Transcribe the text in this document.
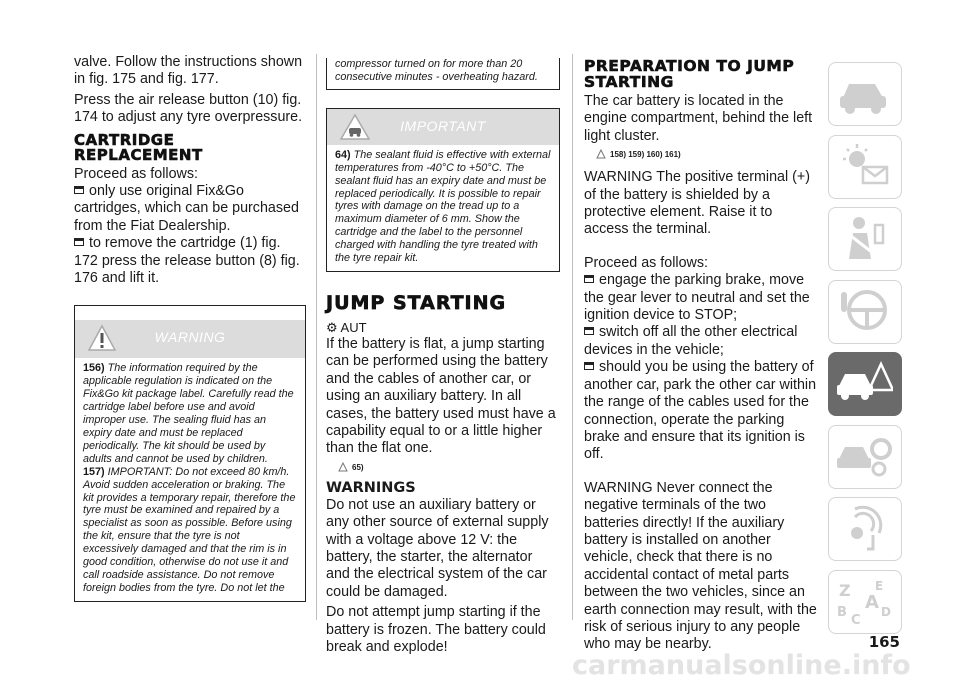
valve. Follow the instructions shown in fig. 175 and fig. 177.

Press the air release button (10) fig. 174 to adjust any tyre overpressure.

CARTRIDGE REPLACEMENT

Proceed as follows:

only use original Fix&Go cartridges, which can be purchased from the Fiat Dealership.

to remove the cartridge (1) fig. 172 press the release button (8) fig. 176 and lift it.

WARNING

156) The information required by the applicable regulation is indicated on the Fix&Go kit package label. Carefully read the cartridge label before use and avoid improper use. The sealing fluid has an expiry date and must be replaced periodically. The kit should be used by adults and cannot be used by children.

157) IMPORTANT: Do not exceed 80 km/h. Avoid sudden acceleration or braking. The kit provides a temporary repair, therefore the tyre must be examined and repaired by a specialist as soon as possible. Before using the kit, ensure that the tyre is not excessively damaged and that the rim is in good condition, otherwise do not use it and call roadside assistance. Do not remove foreign bodies from the tyre. Do not let the

compressor turned on for more than 20 consecutive minutes - overheating hazard.

IMPORTANT

64) The sealant fluid is effective with external temperatures from -40°C to +50°C. The sealant fluid has an expiry date and must be replaced periodically. It is possible to repair tyres with damage on the tread up to a maximum diameter of 6 mm. Show the cartridge and the label to the personnel charged with handling the tyre treated with the tyre repair kit.

JUMP STARTING
⚙ AUT

If the battery is flat, a jump starting can be performed using the battery and the cables of another car, or using an auxiliary battery. In all cases, the battery used must have a capability equal to or a little higher than the flat one.

65)
WARNINGS

Do not use an auxiliary battery or any other source of external supply with a voltage above 12 V: the battery, the starter, the alternator and the electrical system of the car could be damaged.

Do not attempt jump starting if the battery is frozen. The battery could break and explode!

PREPARATION TO JUMP STARTING

The car battery is located in the engine compartment, behind the left light cluster.

158) 159) 160) 161)

WARNING The positive terminal (+) of the battery is shielded by a protective element. Raise it to access the terminal.

Proceed as follows:

engage the parking brake, move the gear lever to neutral and set the ignition device to STOP;

switch off all the other electrical devices in the vehicle;

should you be using the battery of another car, park the other car within the range of the cables used for the connection, operate the parking brake and ensure that its ignition is off.

WARNING Never connect the negative terminals of the two batteries directly! If the auxiliary battery is installed on another vehicle, check that there is no accidental contact of metal parts between the two vehicles, since an earth connection may result, with the risk of serious injury to any people who may be nearby.

Z E
A
B
C
D
165
carmanualsonline.info
